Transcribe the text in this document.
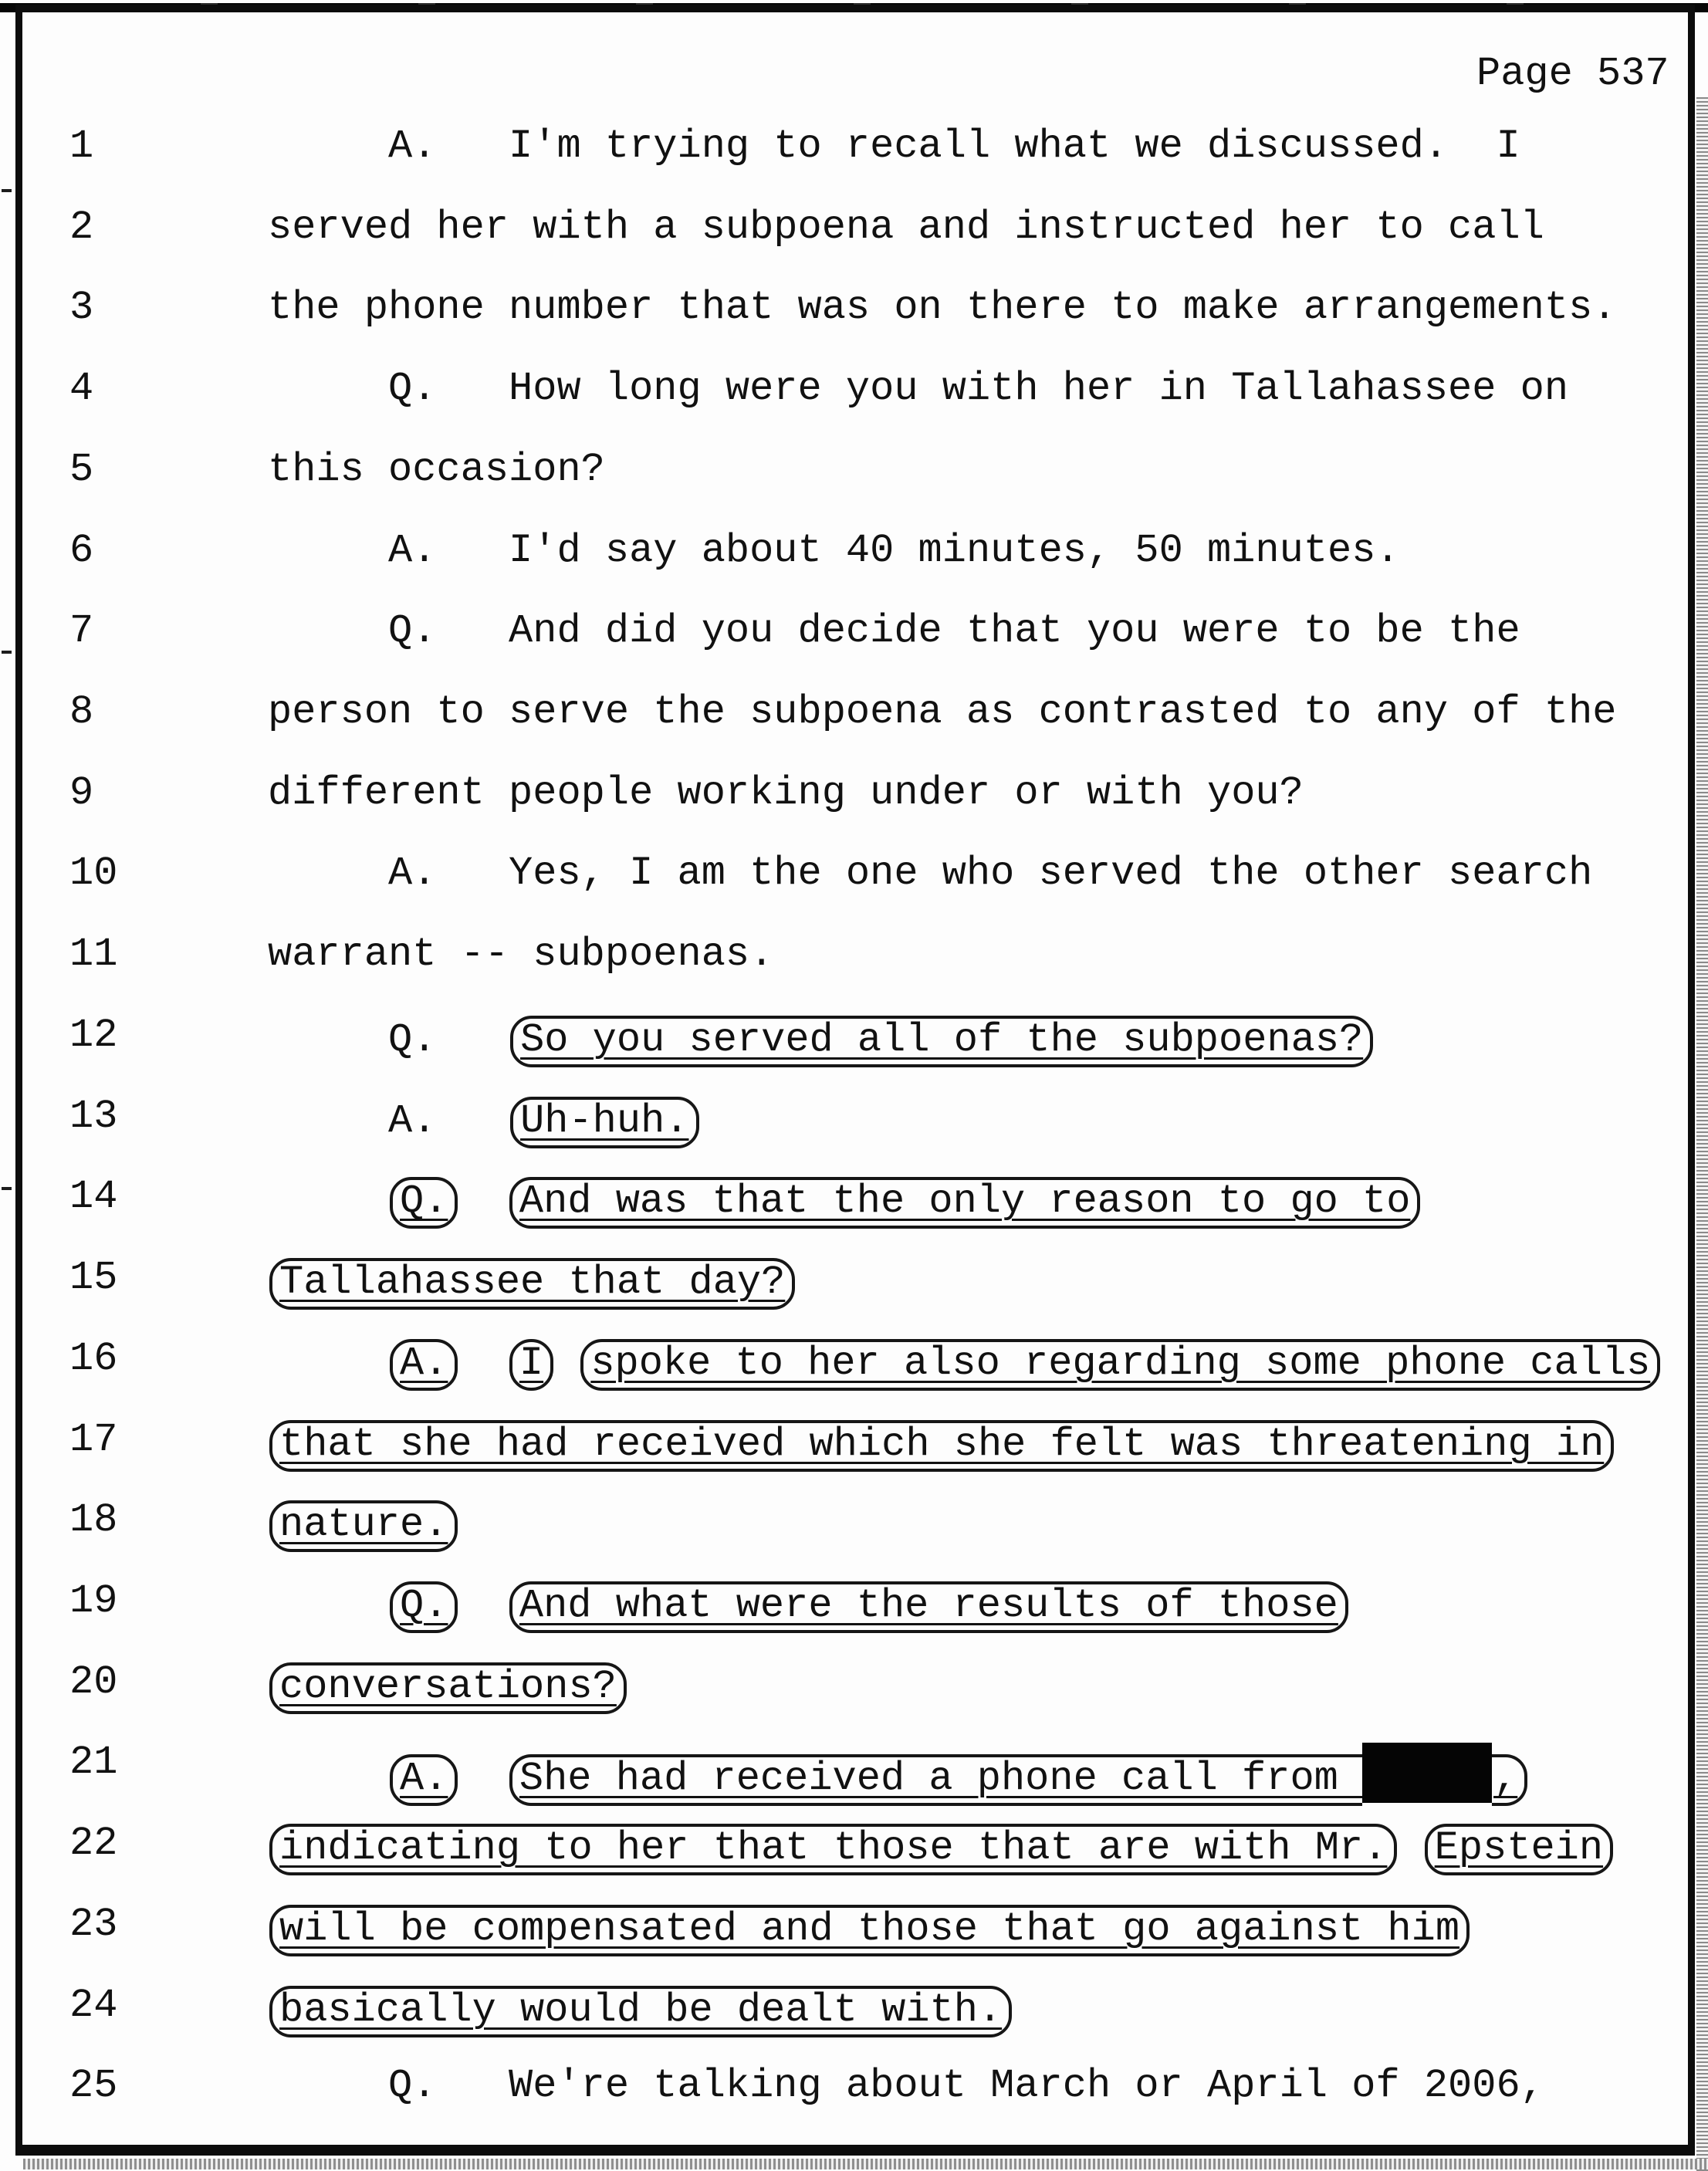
Page 537
1	A.   I'm trying to recall what we discussed.  I
2	served her with a subpoena and instructed her to call
3	the phone number that was on there to make arrangements.
4	Q.   How long were you with her in Tallahassee on
5	this occasion?
6	A.   I'd say about 40 minutes, 50 minutes.
7	Q.   And did you decide that you were to be the
8	person to serve the subpoena as contrasted to any of the
9	different people working under or with you?
10	A.   Yes, I am the one who served the other search
11	warrant -- subpoenas.
12	Q.   So you served all of the subpoenas?
13	A.   Uh-huh.
14	Q. And was that the only reason to go to
15	Tallahassee that day?
16	A. I spoke to her also regarding some phone calls
17	that she had received which she felt was threatening in
18	nature.
19	Q. And what were the results of those
20	conversations?
21	A. She had received a phone call from	,
22	indicating to her that those that are with Mr. Epstein
23	will be compensated and those that go against him
24	basically would be dealt with.
25	Q.   We're talking about March or April of 2006,
